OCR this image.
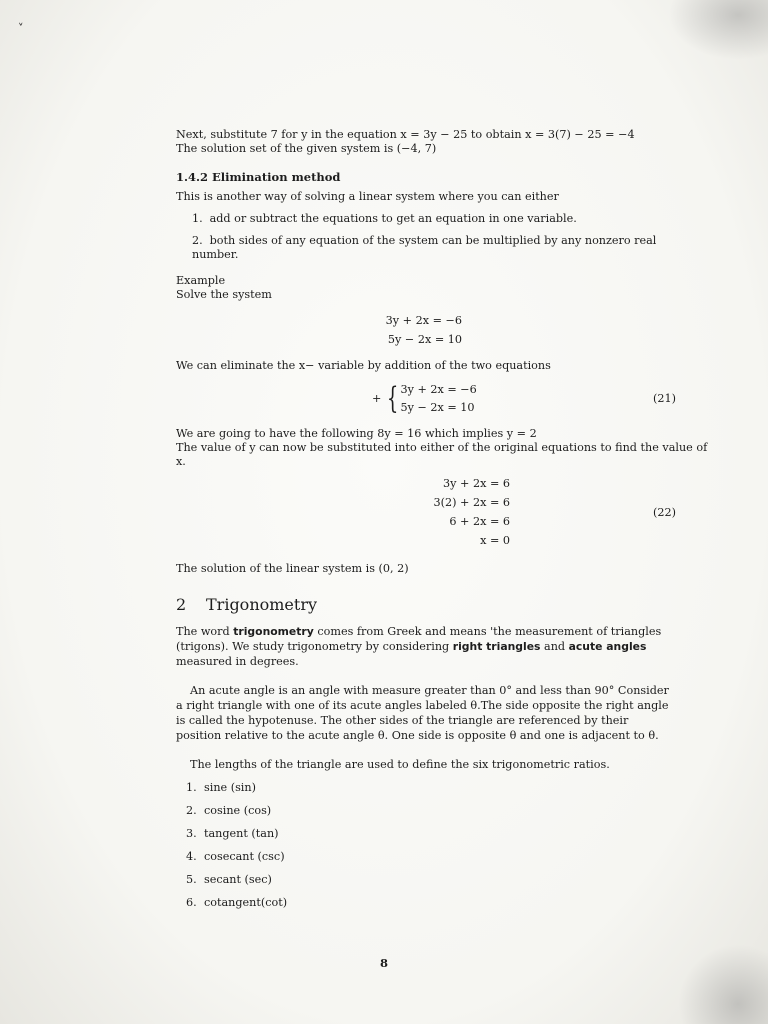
˅
Next, substitute 7 for y in the equation x = 3y − 25 to obtain x = 3(7) − 25 = −4
The solution set of the given system is (−4, 7)
1.4.2 Elimination method
This is another way of solving a linear system where you can either
1. add or subtract the equations to get an equation in one variable.
2. both sides of any equation of the system can be multiplied by any nonzero real number.
Example
Solve the system
3y + 2x = −6
5y − 2x = 10
We can eliminate the x− variable by addition of the two equations
+ { 3y + 2x = −6
5y − 2x = 10
(21)
We are going to have the following 8y = 16 which implies y = 2
The value of y can now be substituted into either of the original equations to find the value of
x.
3y + 2x = 6
3(2) + 2x = 6
6 + 2x = 6
x = 0
(22)
The solution of the linear system is (0, 2)
2 Trigonometry
The word trigonometry comes from Greek and means 'the measurement of triangles (trigons). We study trigonometry by considering right triangles and acute angles measured in degrees.
An acute angle is an angle with measure greater than 0° and less than 90° Consider a right triangle with one of its acute angles labeled θ.The side opposite the right angle is called the hypotenuse. The other sides of the triangle are referenced by their position relative to the acute angle θ. One side is opposite θ and one is adjacent to θ.
The lengths of the triangle are used to define the six trigonometric ratios.
1. sine (sin)
2. cosine (cos)
3. tangent (tan)
4. cosecant (csc)
5. secant (sec)
6. cotangent(cot)
8
